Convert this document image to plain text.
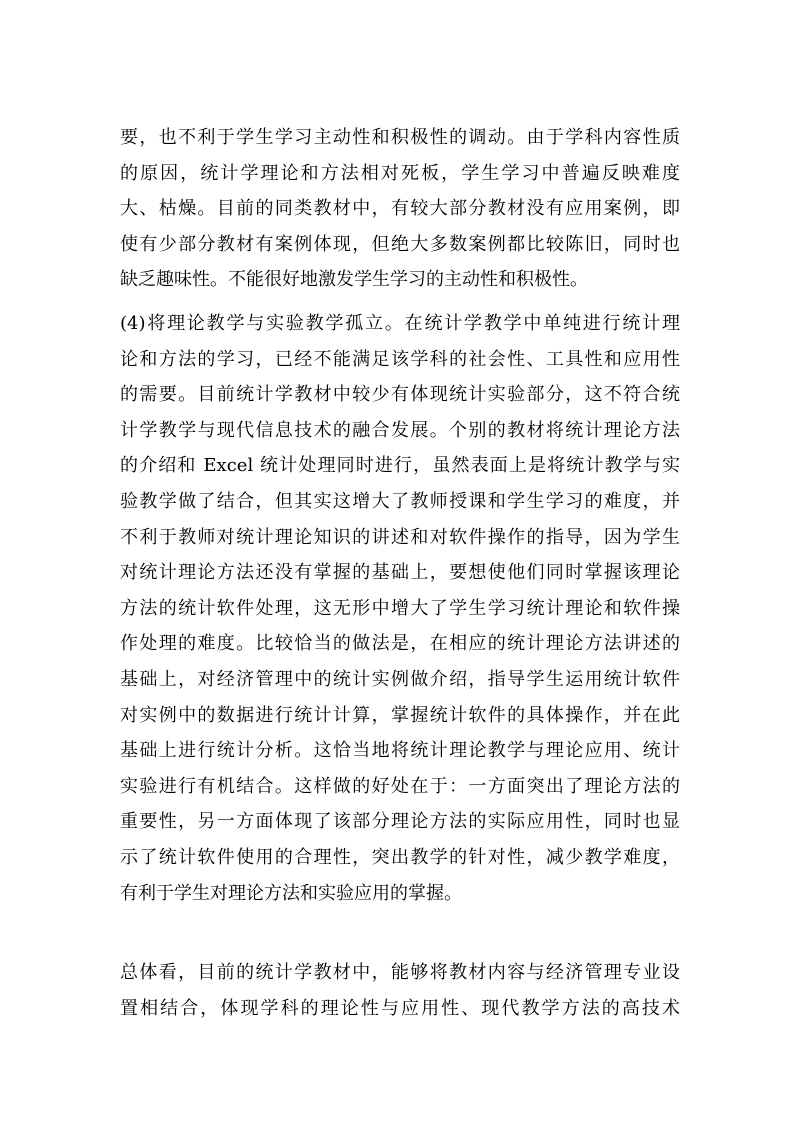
要，也不利于学生学习主动性和积极性的调动。由于学科内容性质
的原因，统计学理论和方法相对死板，学生学习中普遍反映难度
大、枯燥。目前的同类教材中，有较大部分教材没有应用案例，即
使有少部分教材有案例体现，但绝大多数案例都比较陈旧，同时也
缺乏趣味性。不能很好地激发学生学习的主动性和积极性。
(4)将理论教学与实验教学孤立。在统计学教学中单纯进行统计理
论和方法的学习，已经不能满足该学科的社会性、工具性和应用性
的需要。目前统计学教材中较少有体现统计实验部分，这不符合统
计学教学与现代信息技术的融合发展。个别的教材将统计理论方法
的介绍和 Excel 统计处理同时进行，虽然表面上是将统计教学与实
验教学做了结合，但其实这增大了教师授课和学生学习的难度，并
不利于教师对统计理论知识的讲述和对软件操作的指导，因为学生
对统计理论方法还没有掌握的基础上，要想使他们同时掌握该理论
方法的统计软件处理，这无形中增大了学生学习统计理论和软件操
作处理的难度。比较恰当的做法是，在相应的统计理论方法讲述的
基础上，对经济管理中的统计实例做介绍，指导学生运用统计软件
对实例中的数据进行统计计算，掌握统计软件的具体操作，并在此
基础上进行统计分析。这恰当地将统计理论教学与理论应用、统计
实验进行有机结合。这样做的好处在于：一方面突出了理论方法的
重要性，另一方面体现了该部分理论方法的实际应用性，同时也显
示了统计软件使用的合理性，突出教学的针对性，减少教学难度，
有利于学生对理论方法和实验应用的掌握。
总体看，目前的统计学教材中，能够将教材内容与经济管理专业设
置相结合，体现学科的理论性与应用性、现代教学方法的高技术
